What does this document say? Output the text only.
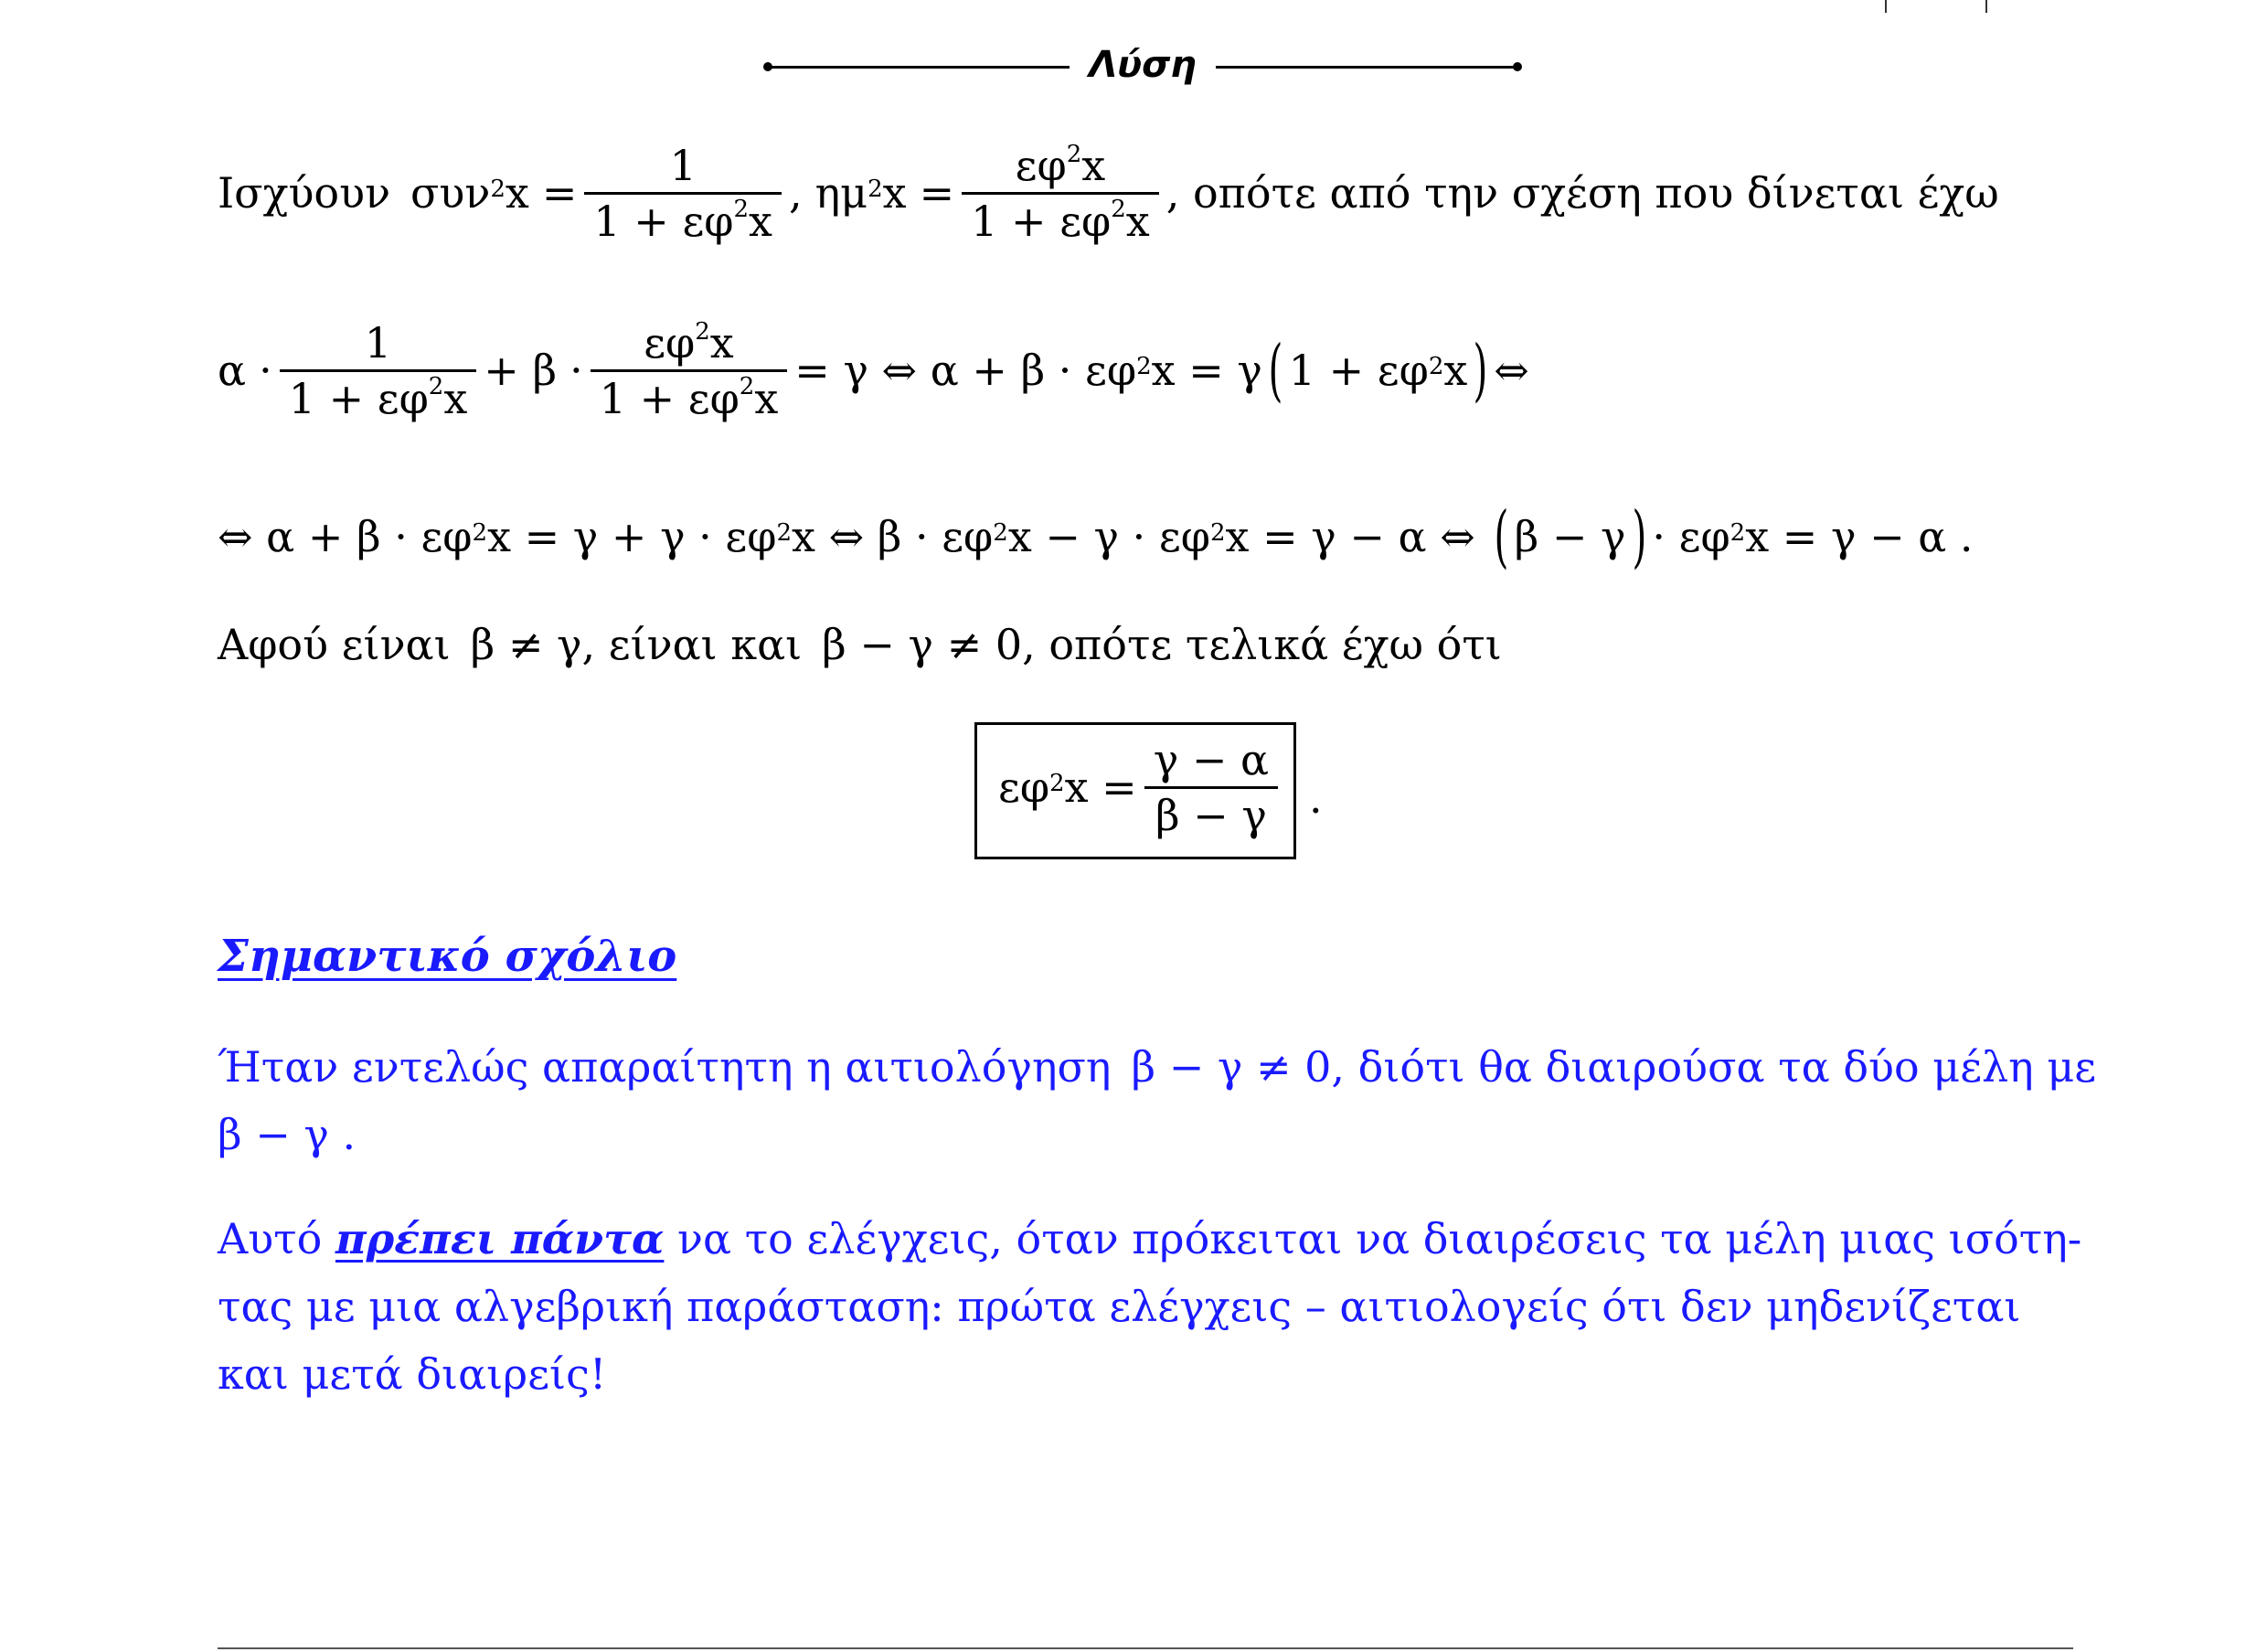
Λύση
Ισχύουν συν$^2$ $x = \frac{1}{1 + \varepsilon\varphi^2x}$ , $\eta\mu^2$ $x = \frac{\varepsilon\varphi^2x}{1 + \varepsilon\varphi^2x}$ , οπότε από την σχέση που δίνεται έχω
$\alpha \cdot \frac{1}{1 + \varepsilon\varphi^2x} + \beta \cdot \frac{\varepsilon\varphi^2x}{1 + \varepsilon\varphi^2x} = \gamma$ ⇔ $\alpha + \beta \cdot \varepsilon\varphi^2$ x = γ ( $1 + \varepsilon\varphi^2$ x ) ⇔
⇔ $\alpha + \beta \cdot \varepsilon\varphi^2$ $x = \gamma + \gamma \cdot \varepsilon\varphi^2$ x ⇔ $\beta \cdot \varepsilon\varphi^2$ $x - \gamma \cdot \varepsilon\varphi^2$ x = γ − α ⇔ ( β − γ ) · $\varepsilon\varphi^2$ x = γ − α .
Αφού είναι β ≠ γ , είναι και β − γ ≠ 0 , οπότε τελικά έχω ότι
$\varepsilon\varphi^2$ $x = \frac{\gamma - \alpha}{\beta - \gamma}$ .
Σημαντικό σχόλιο
Ήταν εντελώς απαραίτητη η αιτιολόγηση β − γ ≠ 0, διότι θα διαιρούσα τα δύο μέλη με
β − γ .
Αυτό πρέπει πάντα να το ελέγχεις, όταν πρόκειται να διαιρέσεις τα μέλη μιας ισότη-
τας με μια αλγεβρική παράσταση: πρώτα ελέγχεις – αιτιολογείς ότι δεν μηδενίζεται
και μετά διαιρείς!
